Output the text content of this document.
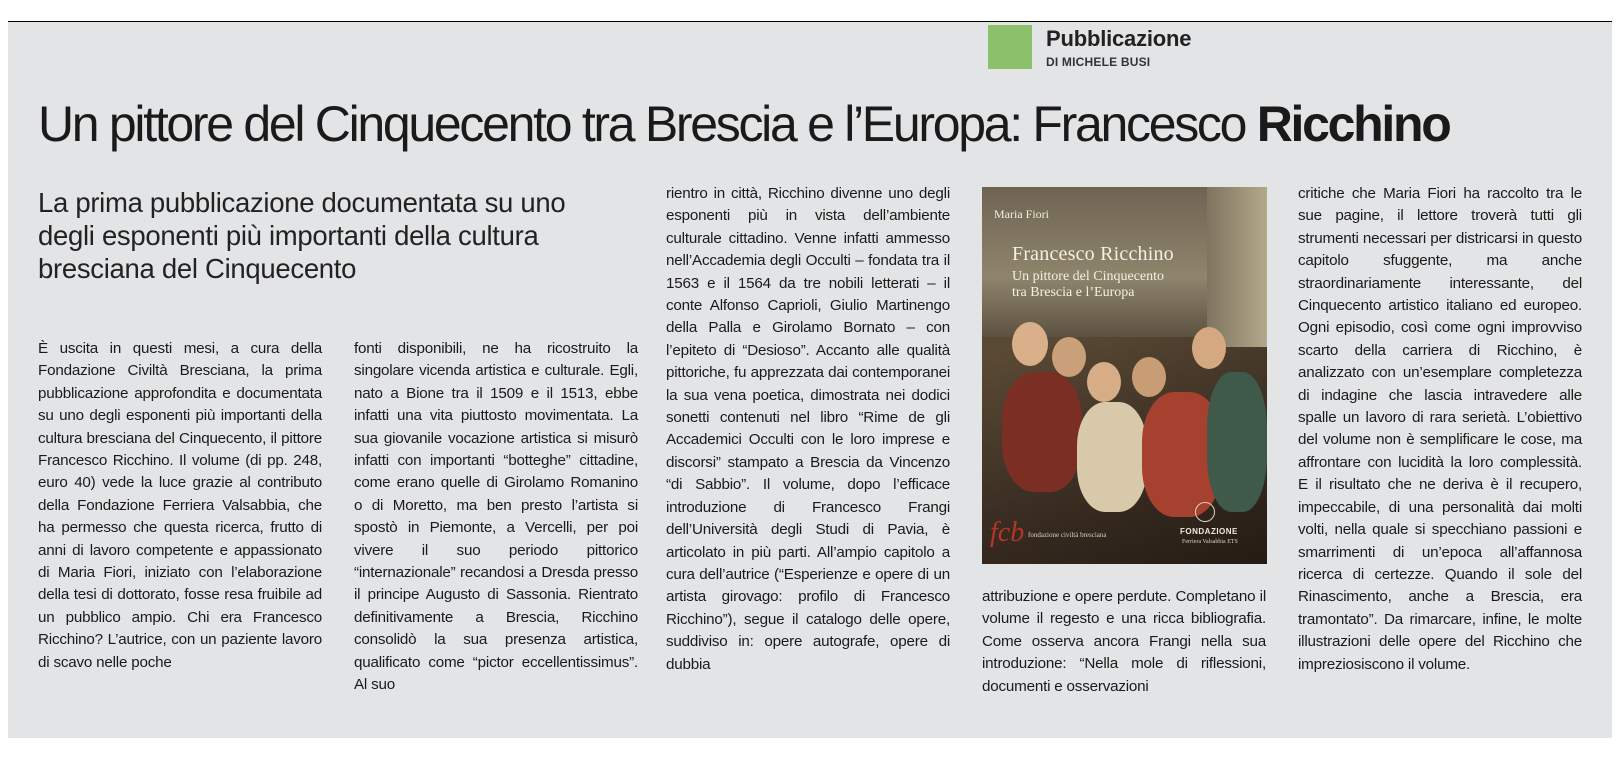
Pubblicazione
DI MICHELE BUSI
Un pittore del Cinquecento tra Brescia e l’Europa: Francesco Ricchino
La prima pubblicazione documentata su uno degli esponenti più importanti della cultura bresciana del Cinquecento

È uscita in questi mesi, a cura della Fondazione Civiltà Bresciana, la prima pubblicazione approfondita e documentata su uno degli esponenti più importanti della cultura bresciana del Cinquecento, il pittore Francesco Ricchino. Il volume (di pp. 248, euro 40) vede la luce grazie al contributo della Fondazione Ferriera Valsabbia, che ha permesso che questa ricerca, frutto di anni di lavoro competente e appassionato di Maria Fiori, iniziato con l’elaborazione della tesi di dottorato, fosse resa fruibile ad un pubblico ampio. Chi era Francesco Ricchino? L’autrice, con un paziente lavoro di scavo nelle poche

fonti disponibili, ne ha ricostruito la singolare vicenda artistica e culturale. Egli, nato a Bione tra il 1509 e il 1513, ebbe infatti una vita piuttosto movimentata. La sua giovanile vocazione artistica si misurò infatti con importanti “botteghe” cittadine, come erano quelle di Girolamo Romanino o di Moretto, ma ben presto l’artista si spostò in Piemonte, a Vercelli, per poi vivere il suo periodo pittorico “internazionale” recandosi a Dresda presso il principe Augusto di Sassonia. Rientrato definitivamente a Brescia, Ricchino consolidò la sua presenza artistica, qualificato come “pictor eccellentissimus”. Al suo

rientro in città, Ricchino divenne uno degli esponenti più in vista dell’ambiente culturale cittadino. Venne infatti ammesso nell’Accademia degli Occulti – fondata tra il 1563 e il 1564 da tre nobili letterati – il conte Alfonso Caprioli, Giulio Martinengo della Palla e Girolamo Bornato – con l’epiteto di “Desioso”. Accanto alle qualità pittoriche, fu apprezzata dai contemporanei la sua vena poetica, dimostrata nei dodici sonetti contenuti nel libro “Rime de gli Accademici Occulti con le loro imprese e discorsi” stampato a Brescia da Vincenzo “di Sabbio”. Il volume, dopo l’efficace introduzione di Francesco Frangi dell’Università degli Studi di Pavia, è articolato in più parti. All’ampio capitolo a cura dell’autrice (“Esperienze e opere di un artista girovago: profilo di Francesco Ricchino”), segue il catalogo delle opere, suddiviso in: opere autografe, opere di dubbia

Maria Fiori
Francesco Ricchino
Un pittore del Cinquecento
tra Brescia e l’Europa
fcb fondazione civiltà bresciana	FONDAZIONE
Ferriera Valsabbia ETS

attribuzione e opere perdute. Completano il volume il regesto e una ricca bibliografia. Come osserva ancora Frangi nella sua introduzione: “Nella mole di riflessioni, documenti e osservazioni

critiche che Maria Fiori ha raccolto tra le sue pagine, il lettore troverà tutti gli strumenti necessari per districarsi in questo capitolo sfuggente, ma anche straordinariamente interessante, del Cinquecento artistico italiano ed europeo. Ogni episodio, così come ogni improvviso scarto della carriera di Ricchino, è analizzato con un’esemplare completezza di indagine che lascia intravedere alle spalle un lavoro di rara serietà. L’obiettivo del volume non è semplificare le cose, ma affrontare con lucidità la loro complessità. E il risultato che ne deriva è il recupero, impeccabile, di una personalità dai molti volti, nella quale si specchiano passioni e smarrimenti di un’epoca all’affannosa ricerca di certezze. Quando il sole del Rinascimento, anche a Brescia, era tramontato”. Da rimarcare, infine, le molte illustrazioni delle opere del Ricchino che impreziosiscono il volume.
